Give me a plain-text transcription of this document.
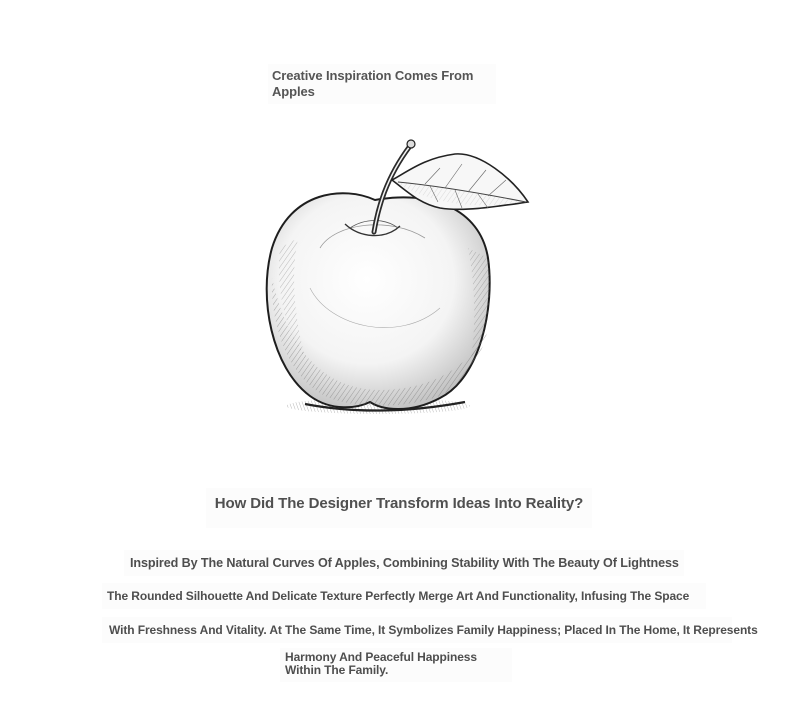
Creative Inspiration Comes From Apples
How Did The Designer Transform Ideas Into Reality?
Inspired By The Natural Curves Of Apples, Combining Stability With The Beauty Of Lightness
The Rounded Silhouette And Delicate Texture Perfectly Merge Art And Functionality, Infusing The Space
With Freshness And Vitality. At The Same Time, It Symbolizes Family Happiness; Placed In The Home, It Represents
Harmony And Peaceful Happiness Within The Family.
